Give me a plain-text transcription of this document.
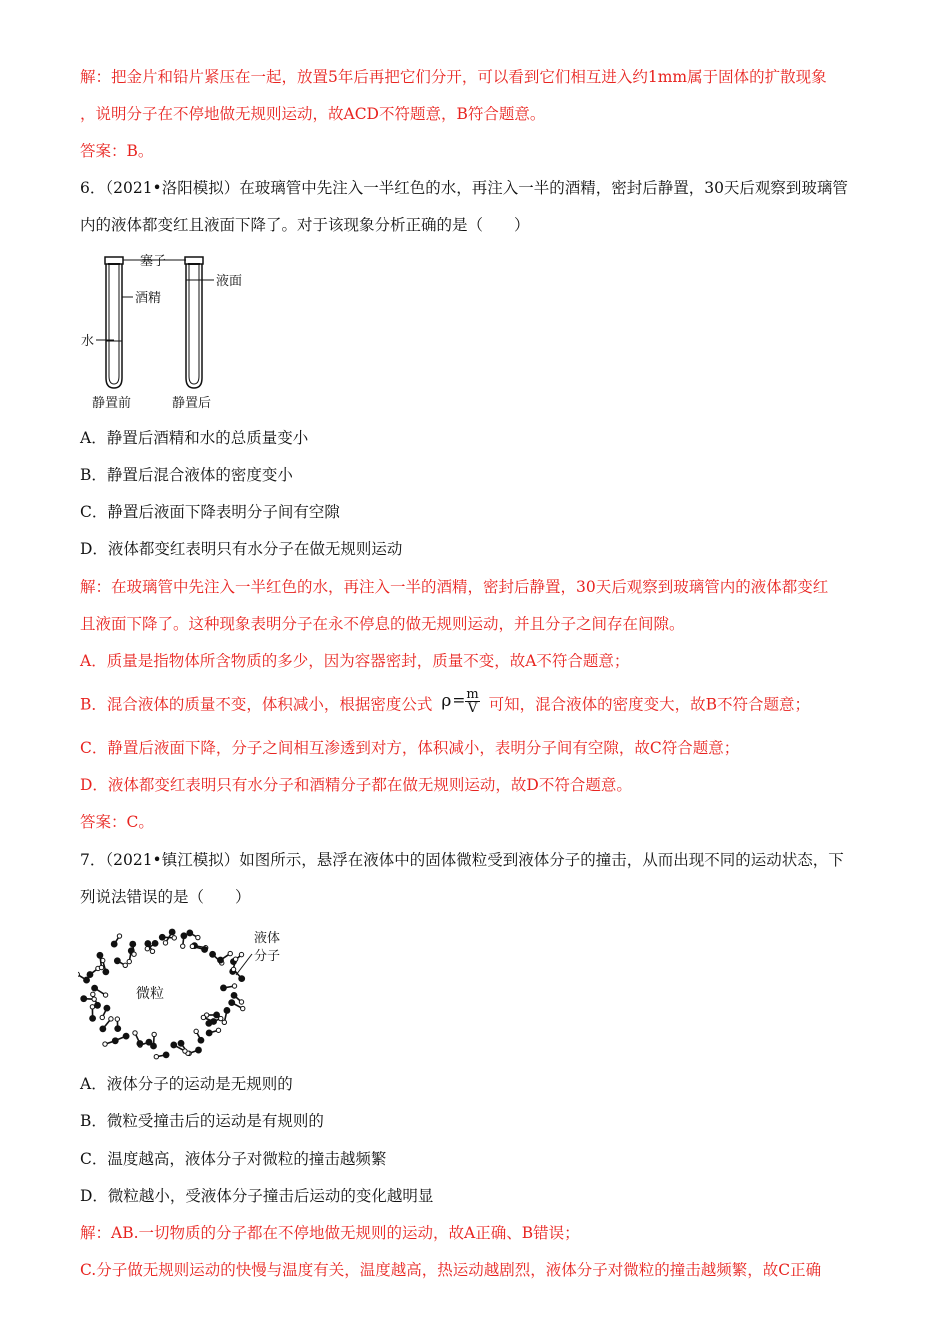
解：把金片和铅片紧压在一起，放置5年后再把它们分开，可以看到它们相互进入约1mm属于固体的扩散现象
，说明分子在不停地做无规则运动，故ACD不符题意，B符合题意。
答案：B。
6．（2021•洛阳模拟）在玻璃管中先注入一半红色的水，再注入一半的酒精，密封后静置，30天后观察到玻璃管
内的液体都变红且液面下降了。对于该现象分析正确的是（　　）
塞子
酒精
水
液面
静置前	静置后
A．静置后酒精和水的总质量变小
B．静置后混合液体的密度变小
C．静置后液面下降表明分子间有空隙
D．液体都变红表明只有水分子在做无规则运动
解：在玻璃管中先注入一半红色的水，再注入一半的酒精，密封后静置，30天后观察到玻璃管内的液体都变红
且液面下降了。这种现象表明分子在永不停息的做无规则运动，并且分子之间存在间隙。
A．质量是指物体所含物质的多少，因为容器密封，质量不变，故A不符合题意；
B．混合液体的质量不变，体积减小，根据密度公式 $\rho= \frac{m}{V}$ 可知，混合液体的密度变大，故B不符合题意；
C．静置后液面下降，分子之间相互渗透到对方，体积减小，表明分子间有空隙，故C符合题意；
D．液体都变红表明只有水分子和酒精分子都在做无规则运动，故D不符合题意。
答案：C。
7．（2021•镇江模拟）如图所示，悬浮在液体中的固体微粒受到液体分子的撞击，从而出现不同的运动状态，下
列说法错误的是（　　）
微粒
液体
分子
A．液体分子的运动是无规则的
B．微粒受撞击后的运动是有规则的
C．温度越高，液体分子对微粒的撞击越频繁
D．微粒越小，受液体分子撞击后运动的变化越明显
解：AB.一切物质的分子都在不停地做无规则的运动，故A正确、B错误；
C.分子做无规则运动的快慢与温度有关，温度越高，热运动越剧烈，液体分子对微粒的撞击越频繁，故C正确
